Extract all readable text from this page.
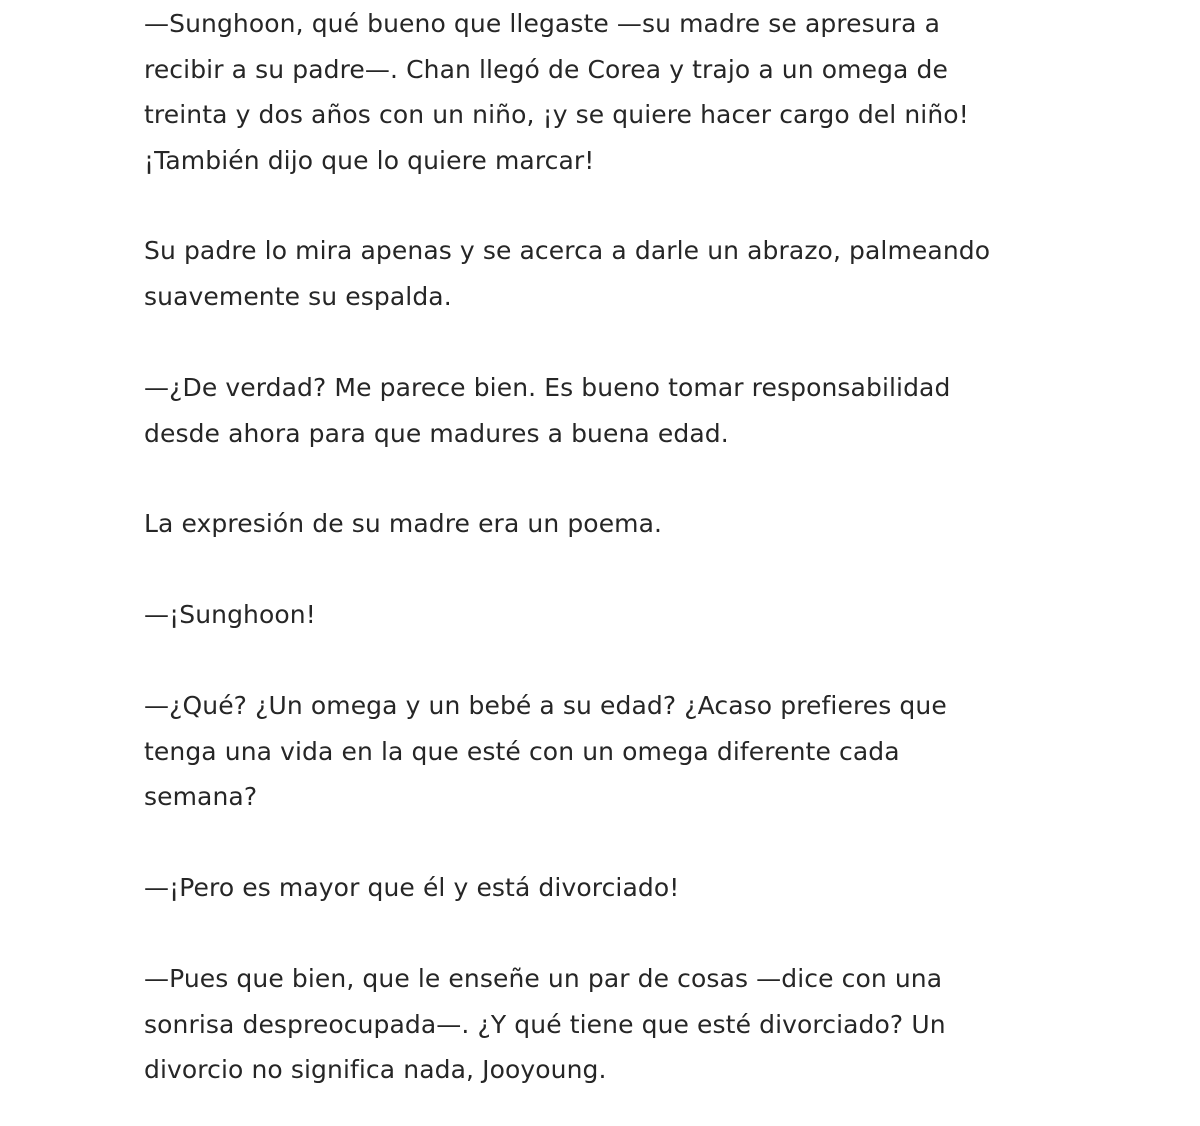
—Sunghoon, qué bueno que llegaste —su madre se apresura a
recibir a su padre—. Chan llegó de Corea y trajo a un omega de
treinta y dos años con un niño, ¡y se quiere hacer cargo del niño!
¡También dijo que lo quiere marcar!

Su padre lo mira apenas y se acerca a darle un abrazo, palmeando
suavemente su espalda.

—¿De verdad? Me parece bien. Es bueno tomar responsabilidad
desde ahora para que madures a buena edad.

La expresión de su madre era un poema.

—¡Sunghoon!

—¿Qué? ¿Un omega y un bebé a su edad? ¿Acaso prefieres que
tenga una vida en la que esté con un omega diferente cada
semana?

—¡Pero es mayor que él y está divorciado!

—Pues que bien, que le enseñe un par de cosas —dice con una
sonrisa despreocupada—. ¿Y qué tiene que esté divorciado? Un
divorcio no significa nada, Jooyoung.
